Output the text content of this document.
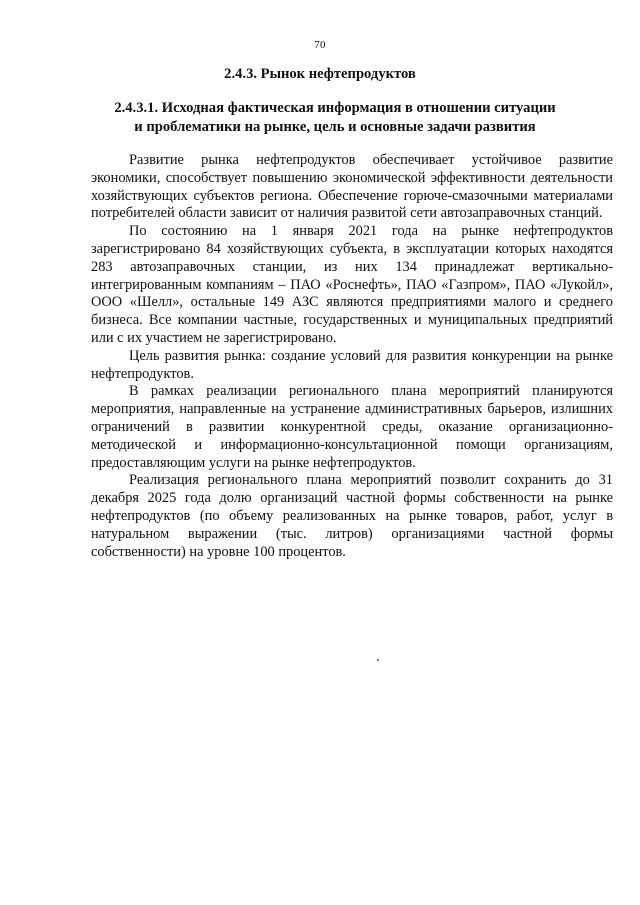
70
2.4.3. Рынок нефтепродуктов
2.4.3.1. Исходная фактическая информация в отношении ситуации
и проблематики на рынке, цель и основные задачи развития

Развитие рынка нефтепродуктов обеспечивает устойчивое развитие экономики, способствует повышению экономической эффективности деятельности хозяйствующих субъектов региона. Обеспечение горюче-смазочными материалами потребителей области зависит от наличия развитой сети автозаправочных станций.

По состоянию на 1 января 2021 года на рынке нефтепродуктов зарегистрировано 84 хозяйствующих субъекта, в эксплуатации которых находятся 283 автозаправочных станции, из них 134 принадлежат вертикально-интегрированным компаниям – ПАО «Роснефть», ПАО «Газпром», ПАО «Лукойл», ООО «Шелл», остальные 149 АЗС являются предприятиями малого и среднего бизнеса. Все компании частные, государственных и муниципальных предприятий или с их участием не зарегистрировано.

Цель развития рынка: создание условий для развития конкуренции на рынке нефтепродуктов.

В рамках реализации регионального плана мероприятий планируются мероприятия, направленные на устранение административных барьеров, излишних ограничений в развитии конкурентной среды, оказание организационно-методической и информационно-консультационной помощи организациям, предоставляющим услуги на рынке нефтепродуктов.

Реализация регионального плана мероприятий позволит сохранить до 31 декабря 2025 года долю организаций частной формы собственности на рынке нефтепродуктов (по объему реализованных на рынке товаров, работ, услуг в натуральном выражении (тыс. литров) организациями частной формы собственности) на уровне 100 процентов.
